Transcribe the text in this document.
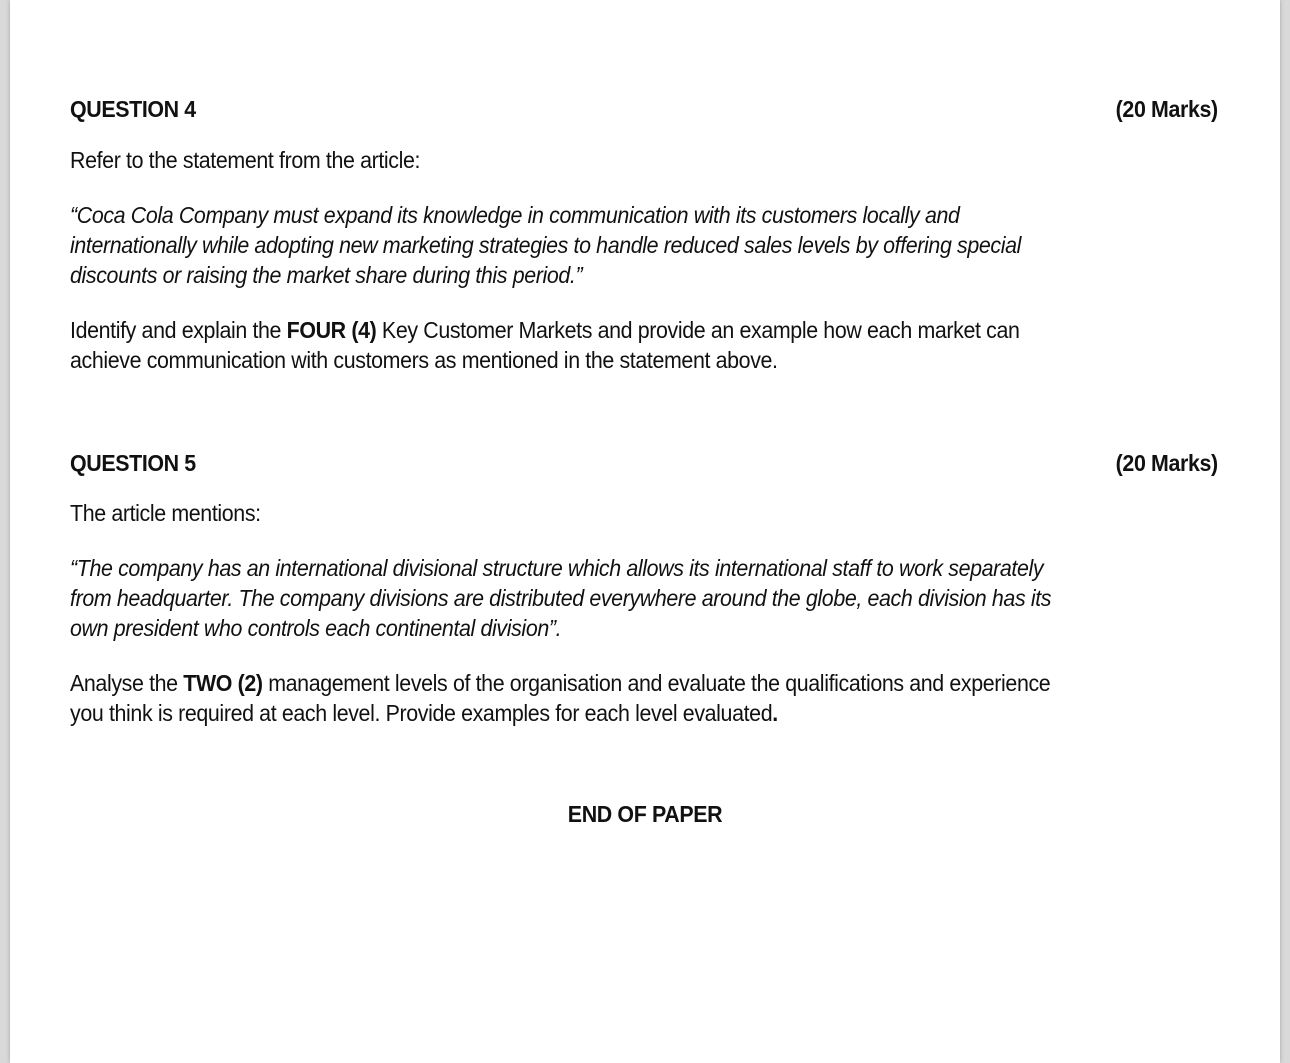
QUESTION 4	(20 Marks)
Refer to the statement from the article:
“Coca Cola Company must expand its knowledge in communication with its customers locally and
internationally while adopting new marketing strategies to handle reduced sales levels by offering special
discounts or raising the market share during this period.”
Identify and explain the FOUR (4) Key Customer Markets and provide an example how each market can
achieve communication with customers as mentioned in the statement above.
QUESTION 5	(20 Marks)
The article mentions:
“The company has an international divisional structure which allows its international staff to work separately
from headquarter. The company divisions are distributed everywhere around the globe, each division has its
own president who controls each continental division”.
Analyse the TWO (2) management levels of the organisation and evaluate the qualifications and experience
you think is required at each level. Provide examples for each level evaluated.
END OF PAPER
